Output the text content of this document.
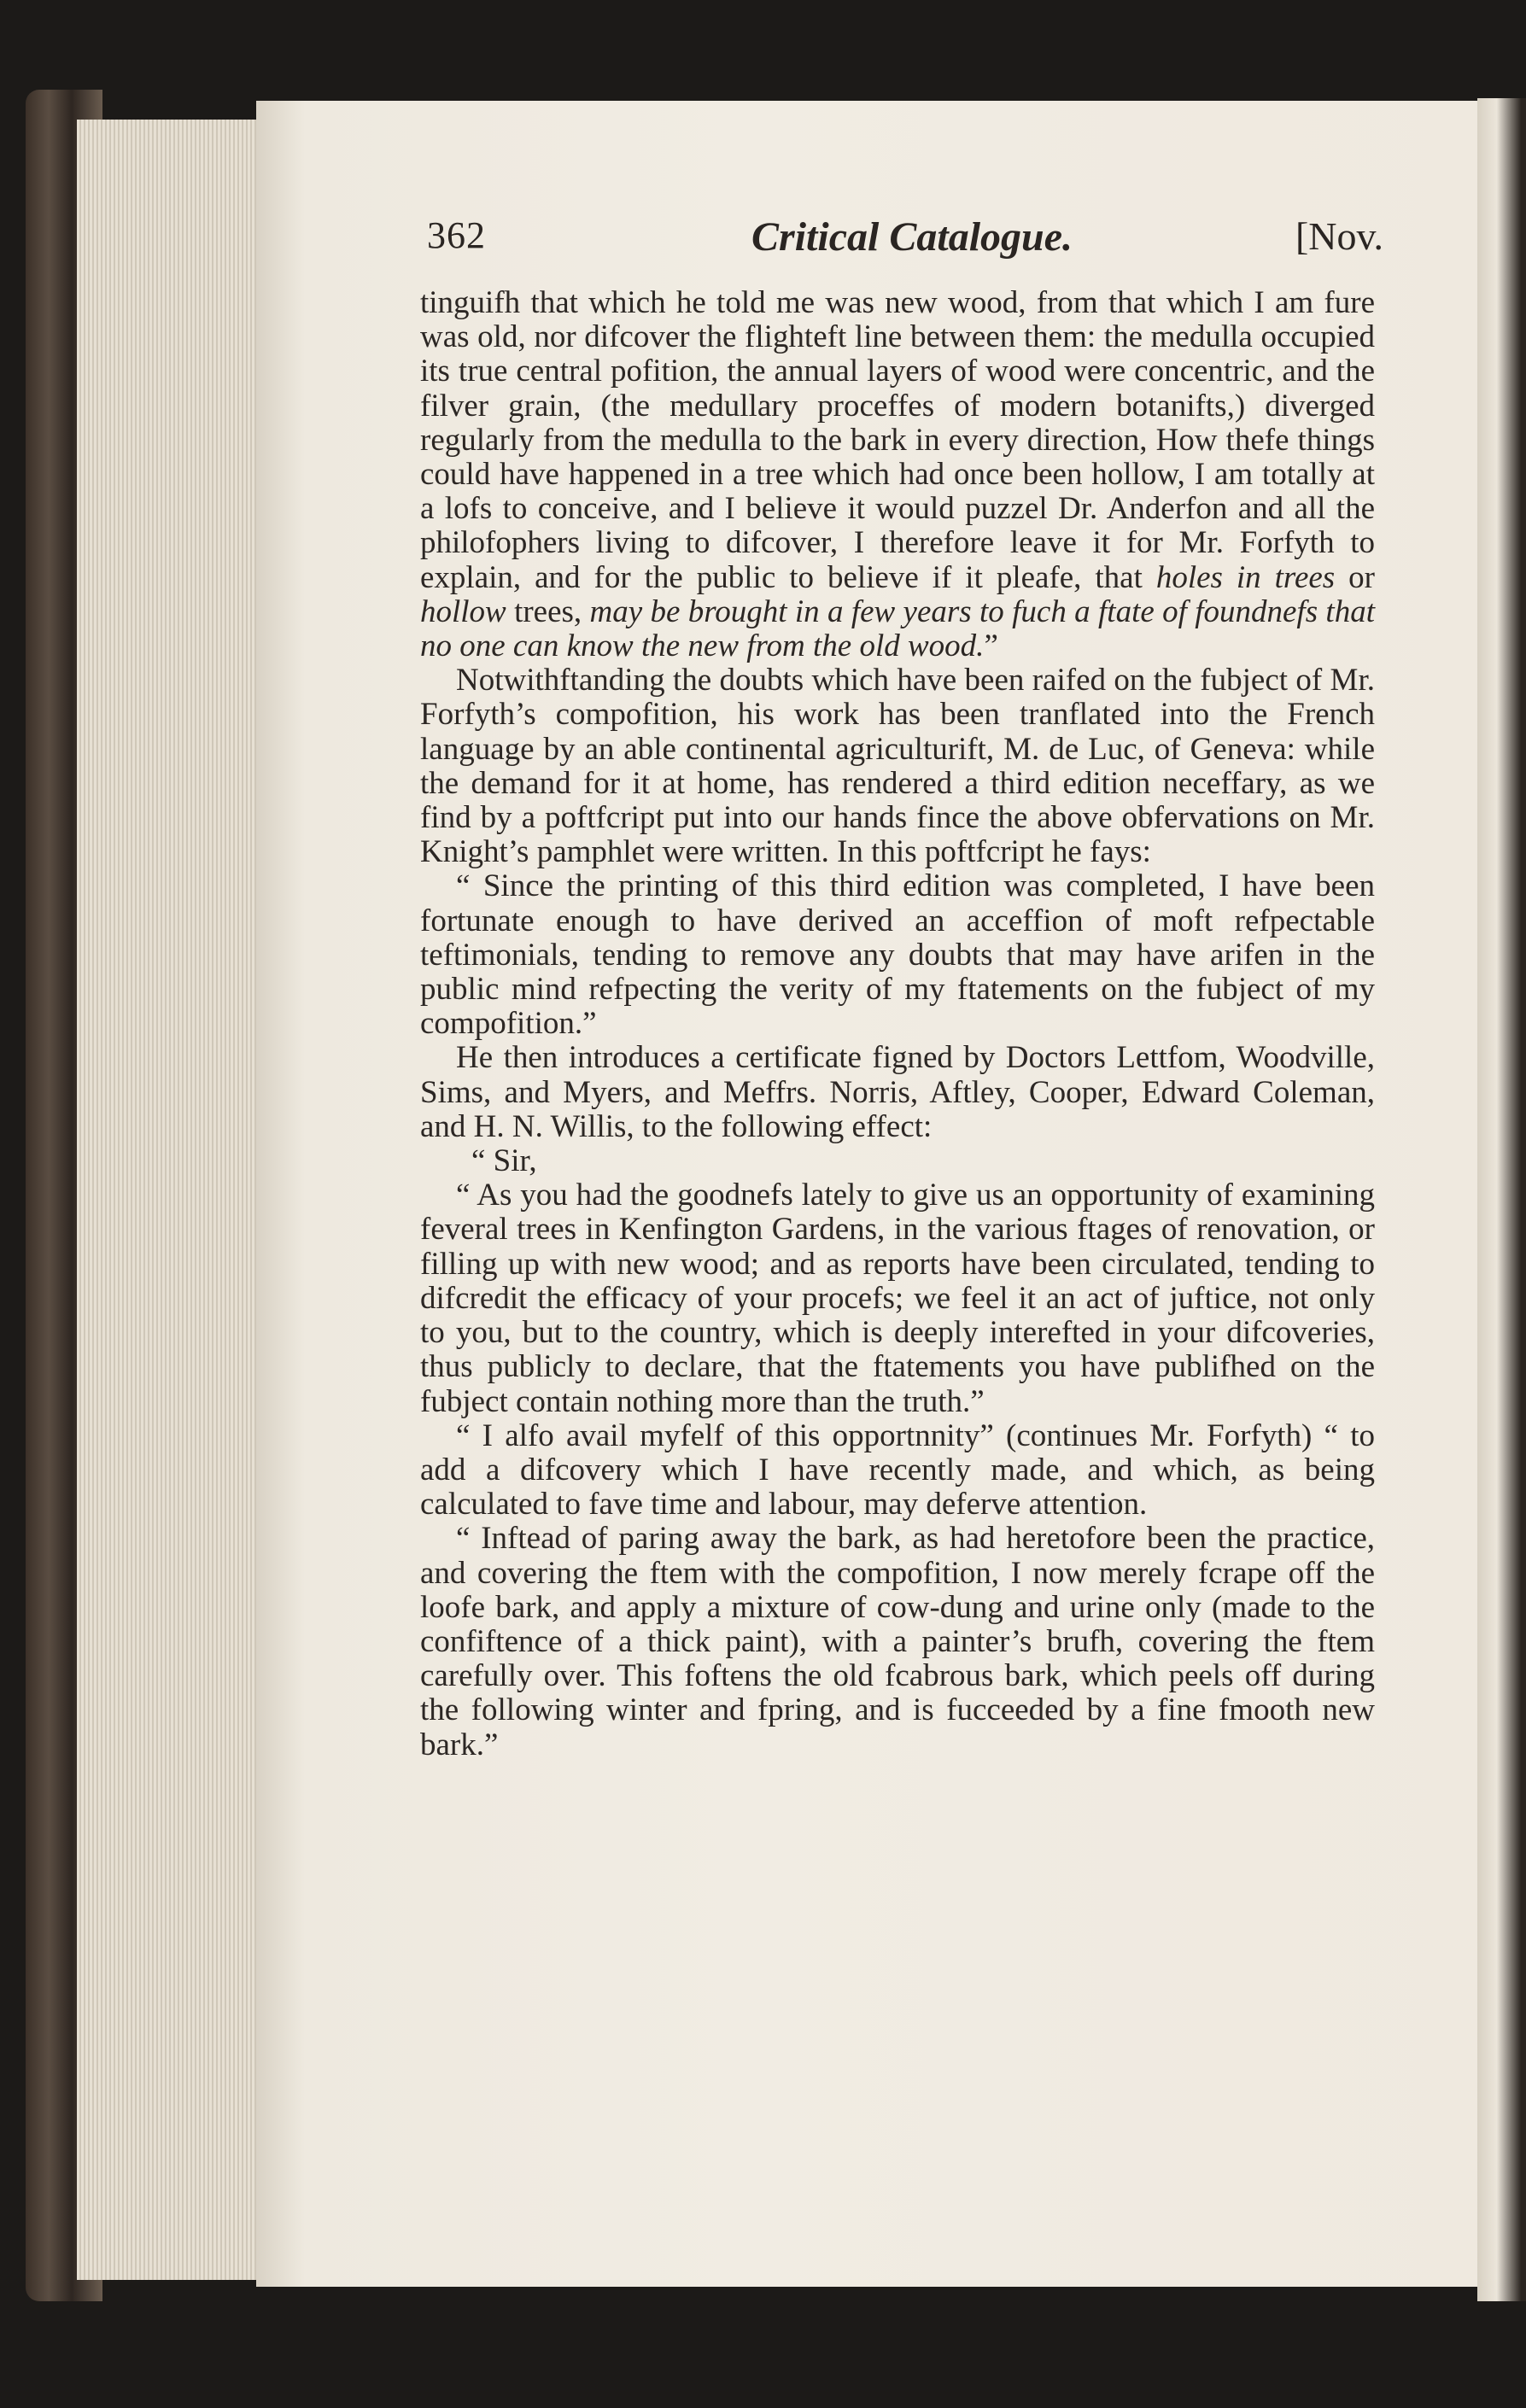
362	Critical Catalogue.	[Nov.

tinguifh that which he told me was new wood, from that which I am fure was old, nor difcover the flighteft line between them: the medulla occupied its true central pofition, the annual layers of wood were concentric, and the filver grain, (the medullary proceffes of modern botanifts,) diverged regularly from the medulla to the bark in every direction, How thefe things could have happened in a tree which had once been hollow, I am totally at a lofs to conceive, and I believe it would puzzel Dr. Anderfon and all the philofophers living to difcover, I therefore leave it for Mr. Forfyth to explain, and for the public to believe if it pleafe, that holes in trees or hollow trees, may be brought in a few years to fuch a ftate of foundnefs that no one can know the new from the old wood.”

Notwithftanding the doubts which have been raifed on the fubject of Mr. Forfyth’s compofition, his work has been tranflated into the French language by an able continental agriculturift, M. de Luc, of Geneva: while the demand for it at home, has rendered a third edition neceffary, as we find by a poftfcript put into our hands fince the above obfervations on Mr. Knight’s pamphlet were written. In this poftfcript he fays:

“ Since the printing of this third edition was completed, I have been fortunate enough to have derived an acceffion of moft refpectable teftimonials, tending to remove any doubts that may have arifen in the public mind refpecting the verity of my ftatements on the fubject of my compofition.”

He then introduces a certificate figned by Doctors Lettfom, Woodville, Sims, and Myers, and Meffrs. Norris, Aftley, Cooper, Edward Coleman, and H. N. Willis, to the following effect:

“ Sir,

“ As you had the goodnefs lately to give us an opportunity of examining feveral trees in Kenfington Gardens, in the various ftages of renovation, or filling up with new wood; and as reports have been circulated, tending to difcredit the efficacy of your procefs; we feel it an act of juftice, not only to you, but to the country, which is deeply interefted in your difcoveries, thus publicly to declare, that the ftatements you have publifhed on the fubject contain nothing more than the truth.”

“ I alfo avail myfelf of this opportnnity” (continues Mr. Forfyth) “ to add a difcovery which I have recently made, and which, as being calculated to fave time and labour, may deferve attention.

“ Inftead of paring away the bark, as had heretofore been the practice, and covering the ftem with the compofition, I now merely fcrape off the loofe bark, and apply a mixture of cow-dung and urine only (made to the confiftence of a thick paint), with a painter’s brufh, covering the ftem carefully over. This foftens the old fcabrous bark, which peels off during the following winter and fpring, and is fucceeded by a fine fmooth new bark.”
